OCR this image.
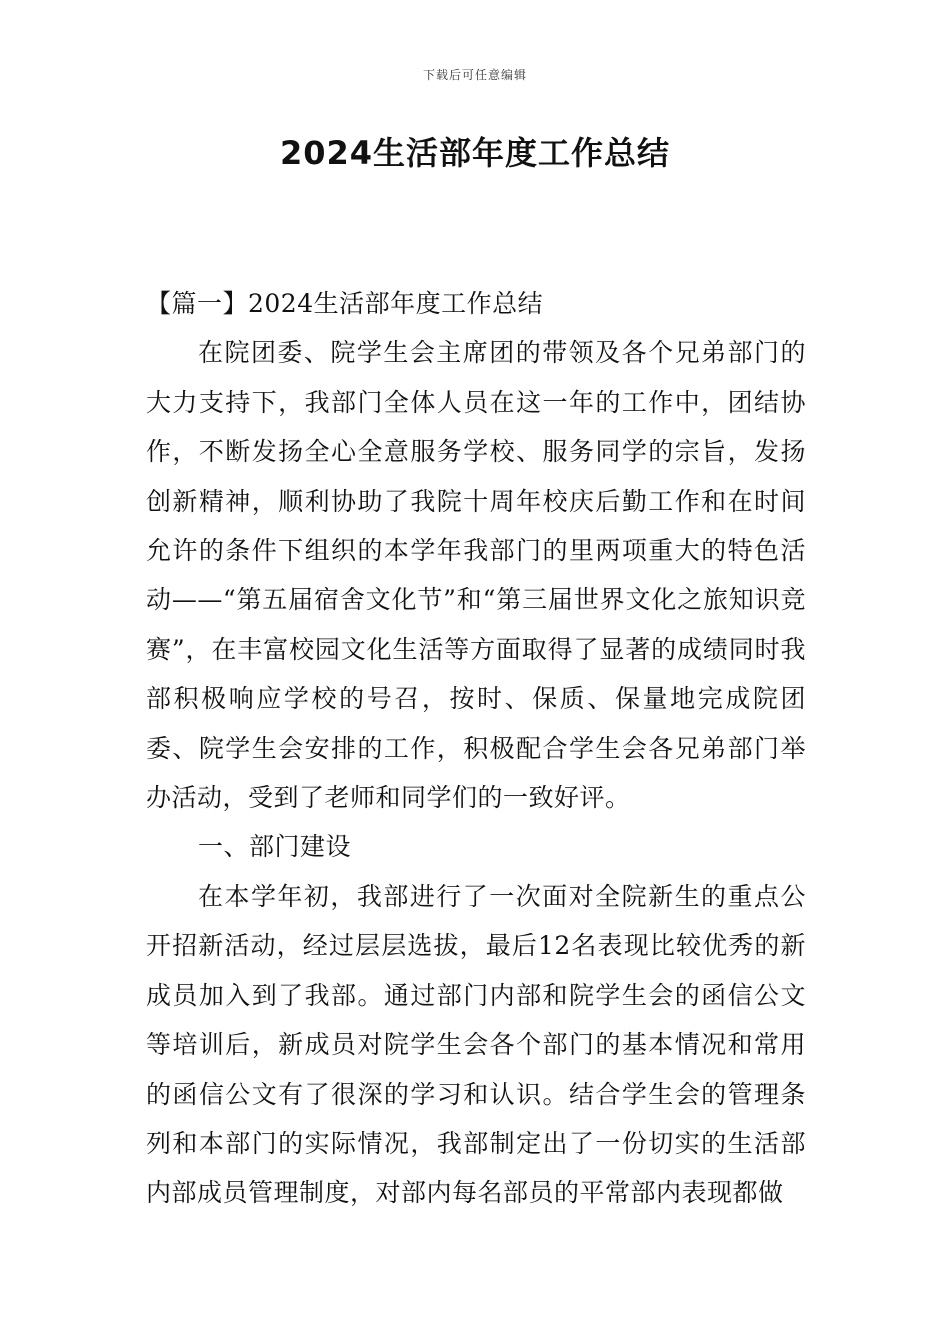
下载后可任意编辑
2024生活部年度工作总结

【篇一】2024生活部年度工作总结

在院团委、院学生会主席团的带领及各个兄弟部门的大力支持下，我部门全体人员在这一年的工作中，团结协作，不断发扬全心全意服务学校、服务同学的宗旨，发扬创新精神，顺利协助了我院十周年校庆后勤工作和在时间允许的条件下组织的本学年我部门的里两项重大的特色活动——“第五届宿舍文化节”和“第三届世界文化之旅知识竞赛”，在丰富校园文化生活等方面取得了显著的成绩同时我部积极响应学校的号召，按时、保质、保量地完成院团委、院学生会安排的工作，积极配合学生会各兄弟部门举办活动，受到了老师和同学们的一致好评。

一、部门建设

在本学年初，我部进行了一次面对全院新生的重点公开招新活动，经过层层选拔，最后12名表现比较优秀的新成员加入到了我部。通过部门内部和院学生会的函信公文等培训后，新成员对院学生会各个部门的基本情况和常用的函信公文有了很深的学习和认识。结合学生会的管理条列和本部门的实际情况，我部制定出了一份切实的生活部内部成员管理制度，对部内每名部员的平常部内表现都做
